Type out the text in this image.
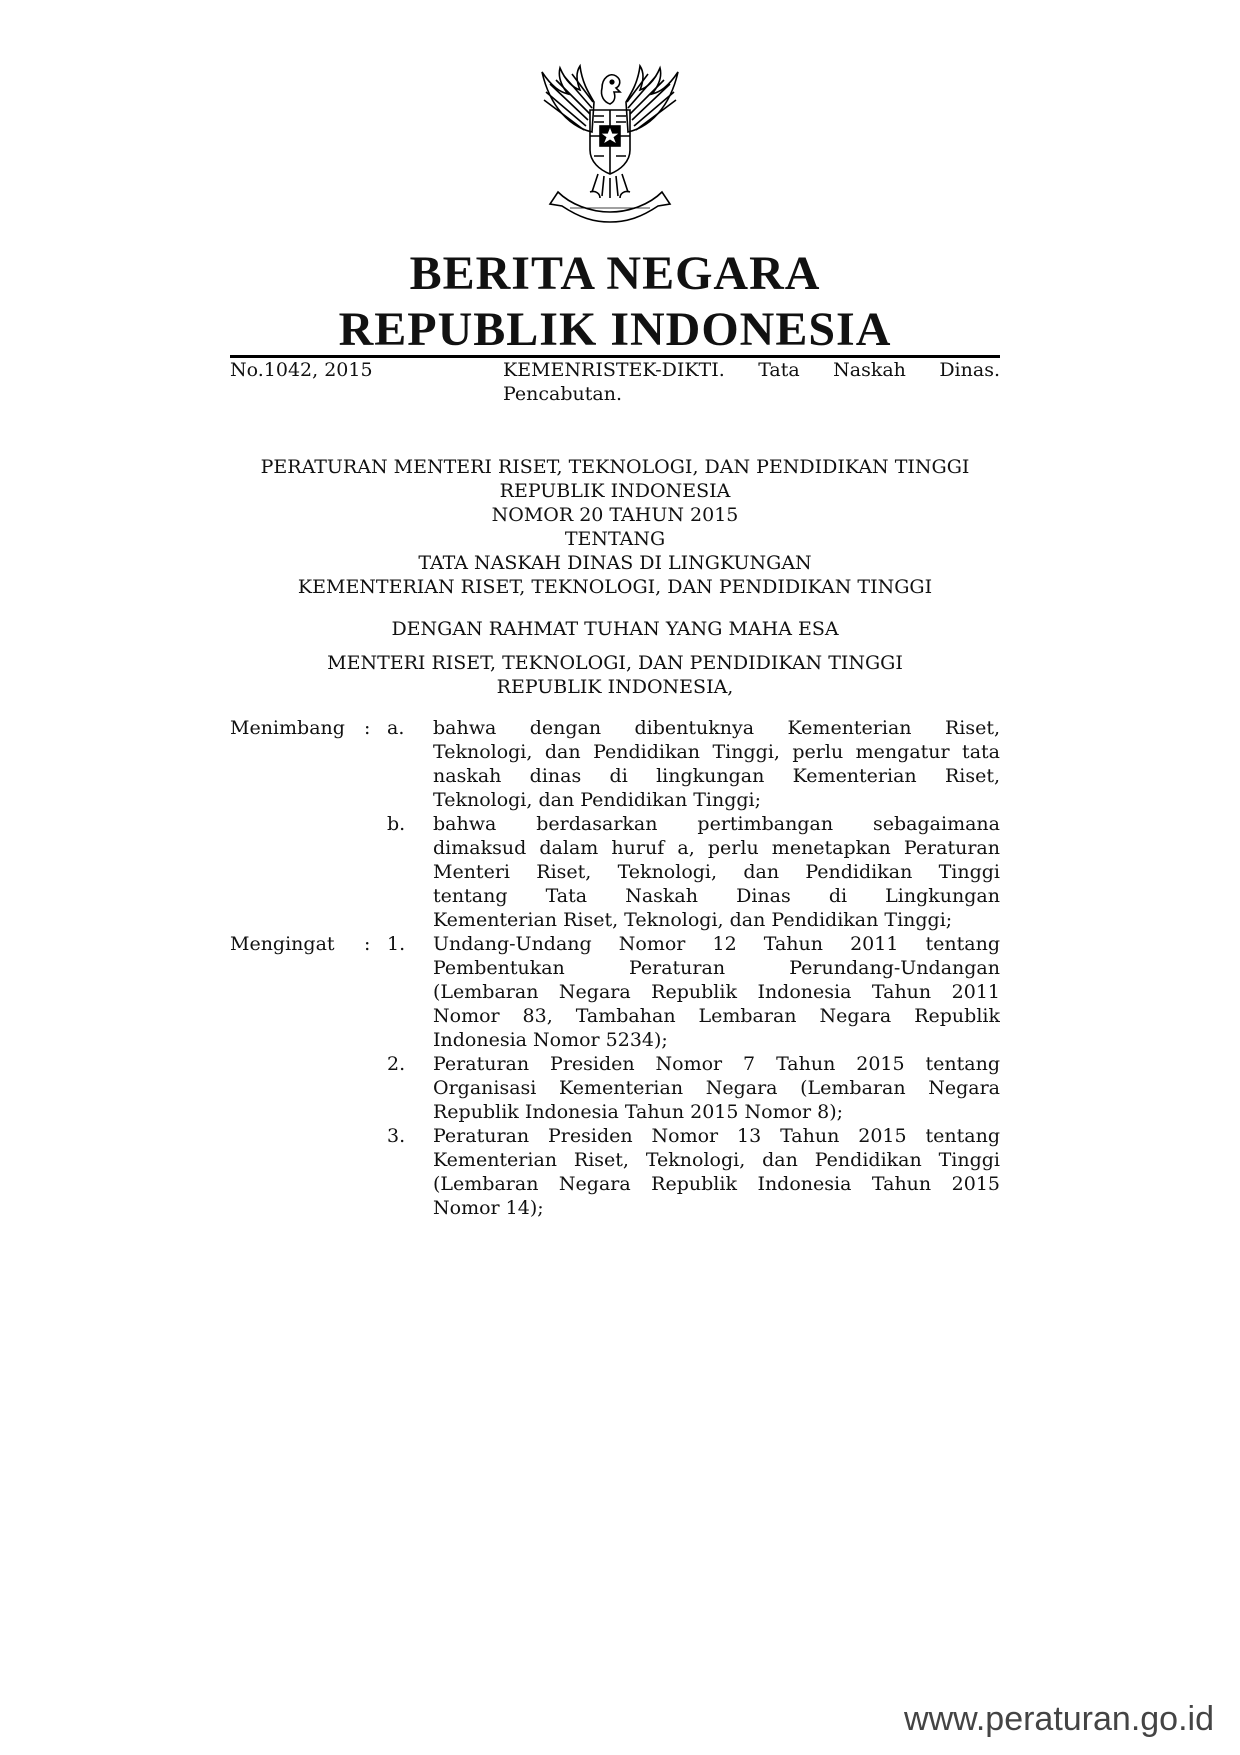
BERITA NEGARA
REPUBLIK INDONESIA
No.1042, 2015	KEMENRISTEK-DIKTI. Tata Naskah Dinas.
Pencabutan.
PERATURAN MENTERI RISET, TEKNOLOGI, DAN PENDIDIKAN TINGGI
REPUBLIK INDONESIA
NOMOR 20 TAHUN 2015
TENTANG
TATA NASKAH DINAS DI LINGKUNGAN
KEMENTERIAN RISET, TEKNOLOGI, DAN PENDIDIKAN TINGGI
DENGAN RAHMAT TUHAN YANG MAHA ESA
MENTERI RISET, TEKNOLOGI, DAN PENDIDIKAN TINGGI
REPUBLIK INDONESIA,
Menimbang : a. bahwa dengan dibentuknya Kementerian Riset,
Teknologi, dan Pendidikan Tinggi, perlu mengatur tata
naskah dinas di lingkungan Kementerian Riset,
Teknologi, dan Pendidikan Tinggi;
b. bahwa berdasarkan pertimbangan sebagaimana
dimaksud dalam huruf a, perlu menetapkan Peraturan
Menteri Riset, Teknologi, dan Pendidikan Tinggi
tentang Tata Naskah Dinas di Lingkungan
Kementerian Riset, Teknologi, dan Pendidikan Tinggi;
Mengingat : 1. Undang-Undang Nomor 12 Tahun 2011 tentang
Pembentukan Peraturan Perundang-Undangan
(Lembaran Negara Republik Indonesia Tahun 2011
Nomor 83, Tambahan Lembaran Negara Republik
Indonesia Nomor 5234);
2. Peraturan Presiden Nomor 7 Tahun 2015 tentang
Organisasi Kementerian Negara (Lembaran Negara
Republik Indonesia Tahun 2015 Nomor 8);
3. Peraturan Presiden Nomor 13 Tahun 2015 tentang
Kementerian Riset, Teknologi, dan Pendidikan Tinggi
(Lembaran Negara Republik Indonesia Tahun 2015
Nomor 14);
www.peraturan.go.id
